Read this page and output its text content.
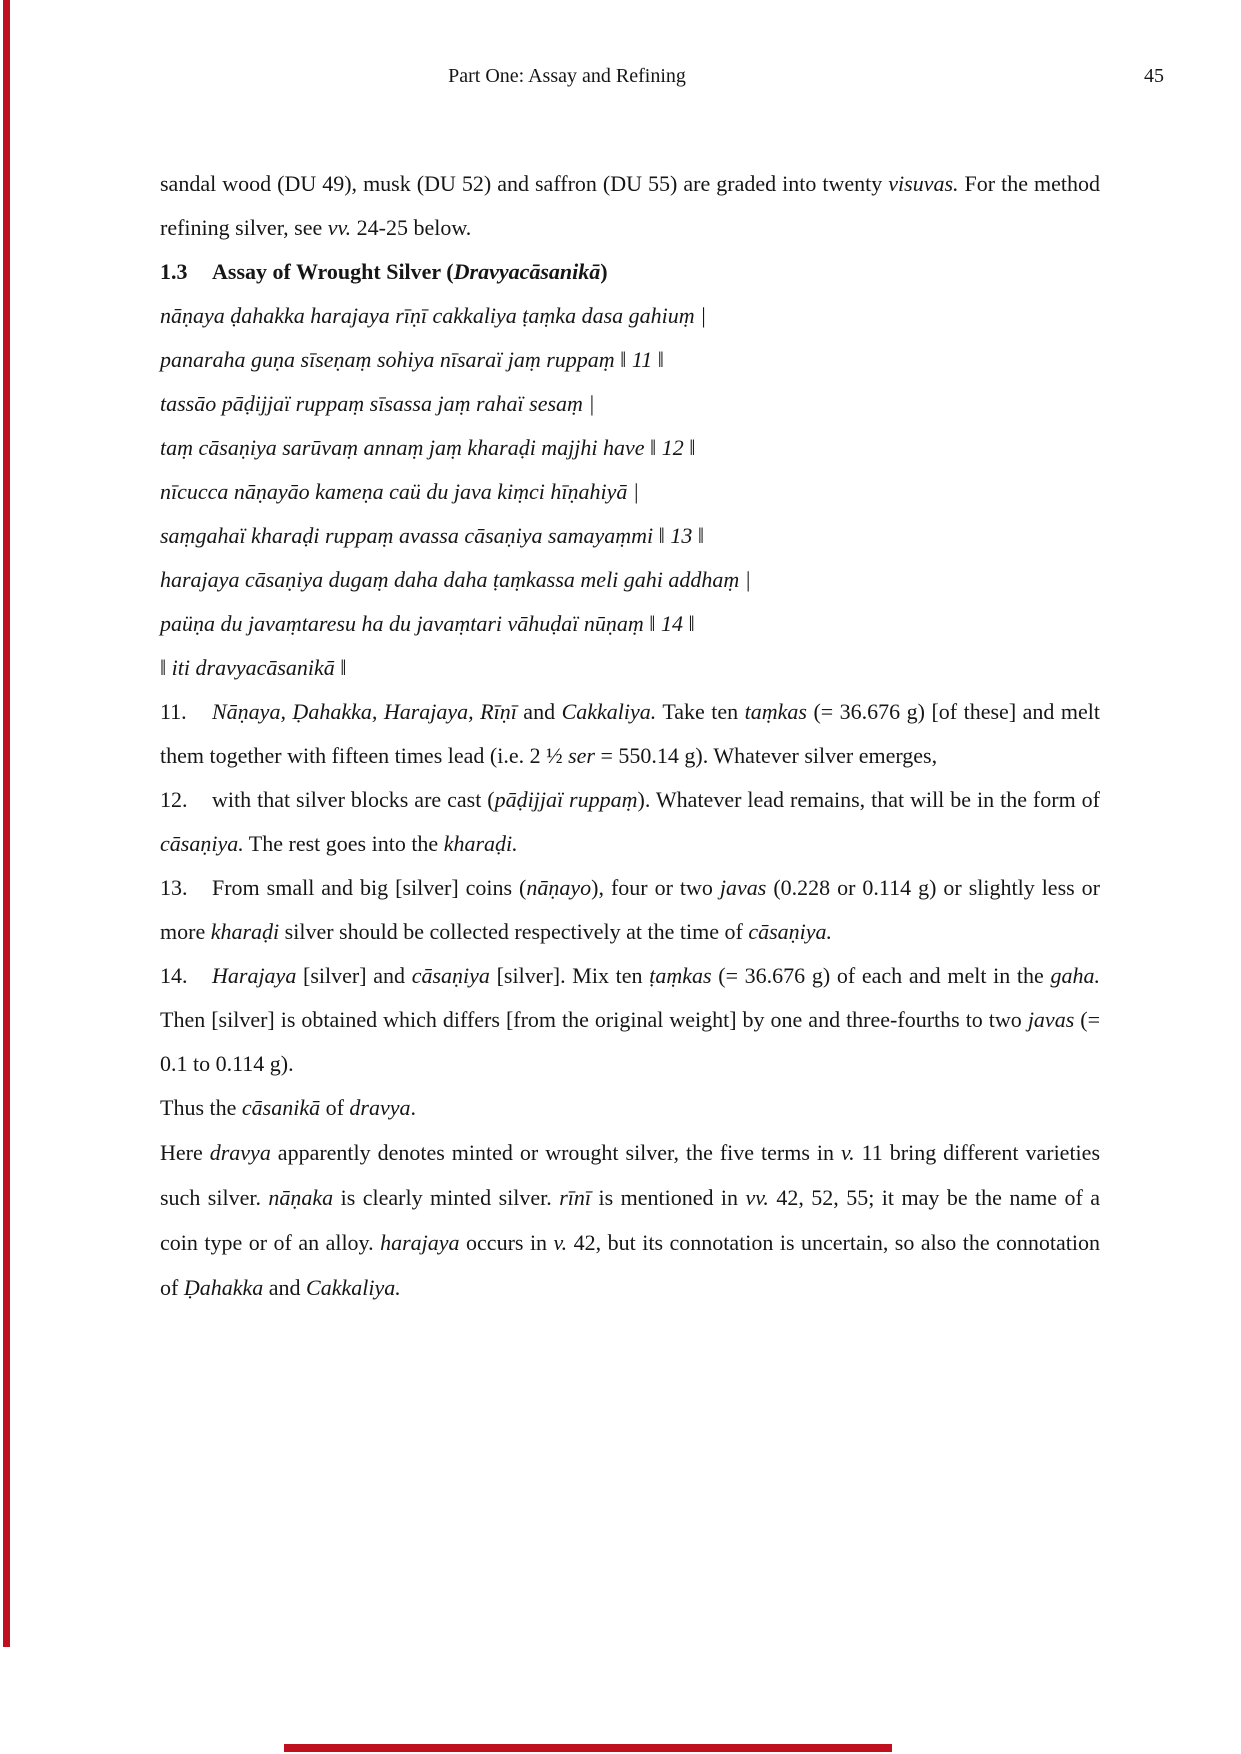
Part One: Assay and Refining	45

sandal wood (DU 49), musk (DU 52) and saffron (DU 55) are graded into twenty visuvas. For the method refining silver, see vv. 24-25 below.

1.3 Assay of Wrought Silver (Dravyacāsanikā)
nāṇaya ḍahakka harajaya rīṇī cakkaliya ṭaṃka dasa gahiuṃ |
panaraha guṇa sīseṇaṃ sohiya nīsaraï jaṃ ruppaṃ ‖ 11 ‖
tassāo pāḍijjaï ruppaṃ sīsassa jaṃ rahaï sesaṃ |
taṃ cāsaṇiya sarūvaṃ annaṃ jaṃ kharaḍi majjhi have ‖ 12 ‖
nīcucca nāṇayāo kameṇa caü du java kiṃci hīṇahiyā |
saṃgahaï kharaḍi ruppaṃ avassa cāsaṇiya samayaṃmi ‖ 13 ‖
harajaya cāsaṇiya dugaṃ daha daha ṭaṃkassa meli gahi addhaṃ |
paüṇa du javaṃtaresu ha du javaṃtari vāhuḍaï nūṇaṃ ‖ 14 ‖
‖ iti dravyacāsanikā ‖

11. Nāṇaya, Ḍahakka, Harajaya, Rīṇī and Cakkaliya. Take ten taṃkas (= 36.676 g) [of these] and melt them together with fifteen times lead (i.e. 2 ½ ser = 550.14 g). Whatever silver emerges,

12. with that silver blocks are cast (pāḍijjaï ruppaṃ). Whatever lead remains, that will be in the form of cāsaṇiya. The rest goes into the kharaḍi.

13. From small and big [silver] coins (nāṇayo), four or two javas (0.228 or 0.114 g) or slightly less or more kharaḍi silver should be collected respectively at the time of cāsaṇiya.

14. Harajaya [silver] and cāsaṇiya [silver]. Mix ten ṭaṃkas (= 36.676 g) of each and melt in the gaha. Then [silver] is obtained which differs [from the original weight] by one and three-fourths to two javas (= 0.1 to 0.114 g).

Thus the cāsanikā of dravya.

Here dravya apparently denotes minted or wrought silver, the five terms in v. 11 bring different varieties such silver. nāṇaka is clearly minted silver. rīnī is mentioned in vv. 42, 52, 55; it may be the name of a coin type or of an alloy. harajaya occurs in v. 42, but its connotation is uncertain, so also the connotation of Ḍahakka and Cakkaliya.
